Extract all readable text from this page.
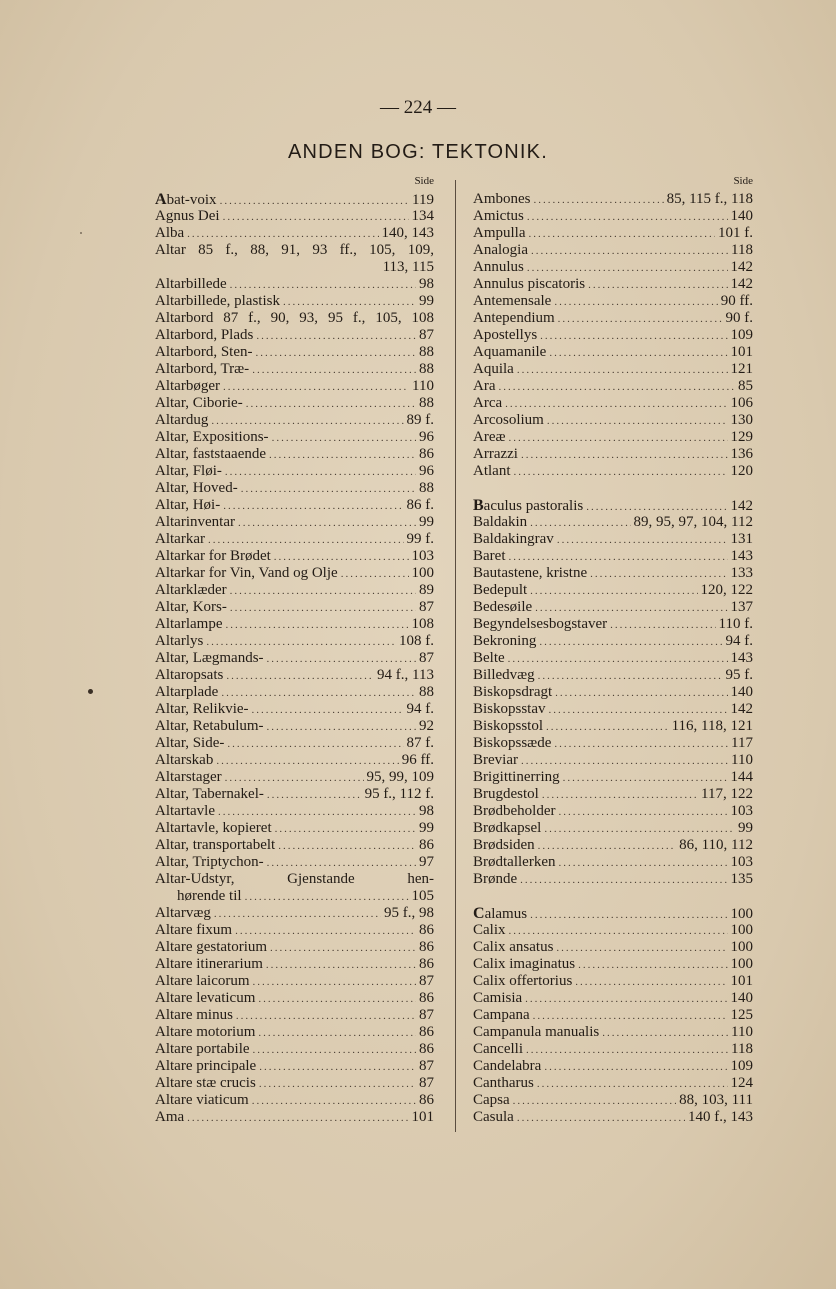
— 224 —
ANDEN BOG: TEKTONIK.
Side
Abat-voix .....	119
Agnus Dei .....	134
Alba .....	140, 143
Altar 85 f., 88, 91, 93 ff., 105, 109,
113, 115
Altarbillede .....	98
Altarbillede, plastisk .....	99
Altarbord 87 f., 90, 93, 95 f., 105, 108
Altarbord, Plads .....	87
Altarbord, Sten- .....	88
Altarbord, Træ- .....	88
Altarbøger .....	110
Altar, Ciborie- .....	88
Altardug .....	89 f.
Altar, Expositions- .....	96
Altar, faststaaende .....	86
Altar, Fløi- .....	96
Altar, Hoved- .....	88
Altar, Høi- .....	86 f.
Altarinventar .....	99
Altarkar .....	99 f.
Altarkar for Brødet .....	103
Altarkar for Vin, Vand og Olje .....	100
Altarklæder .....	89
Altar, Kors- .....	87
Altarlampe .....	108
Altarlys .....	108 f.
Altar, Lægmands- .....	87
Altaropsats .....	94 f., 113
Altarplade .....	88
Altar, Relikvie- .....	94 f.
Altar, Retabulum- .....	92
Altar, Side- .....	87 f.
Altarskab .....	96 ff.
Altarstager .....	95, 99, 109
Altar, Tabernakel- .....	95 f., 112 f.
Altartavle .....	98
Altartavle, kopieret .....	99
Altar, transportabelt .....	86
Altar, Triptychon- .....	97
Altar-Udstyr, Gjenstande hen-
hørende til .....	105
Altarvæg .....	95 f., 98
Altare fixum .....	86
Altare gestatorium .....	86
Altare itinerarium .....	86
Altare laicorum .....	87
Altare levaticum .....	86
Altare minus .....	87
Altare motorium .....	86
Altare portabile .....	86
Altare principale .....	87
Altare stæ crucis .....	87
Altare viaticum .....	86
Ama .....	101
Side
Ambones .....	85, 115 f., 118
Amictus .....	140
Ampulla .....	101 f.
Analogia .....	118
Annulus .....	142
Annulus piscatoris .....	142
Antemensale .....	90 ff.
Antependium .....	90 f.
Apostellys .....	109
Aquamanile .....	101
Aquila .....	121
Ara .....	85
Arca .....	106
Arcosolium .....	130
Areæ .....	129
Arrazzi .....	136
Atlant .....	120
Baculus pastoralis .....	142
Baldakin .....	89, 95, 97, 104, 112
Baldakingrav .....	131
Baret .....	143
Bautastene, kristne .....	133
Bedepult .....	120, 122
Bedesøile .....	137
Begyndelsesbogstaver .....	110 f.
Bekroning .....	94 f.
Belte .....	143
Billedvæg .....	95 f.
Biskopsdragt .....	140
Biskopsstav .....	142
Biskopsstol .....	116, 118, 121
Biskopssæde .....	117
Breviar .....	110
Brigittinerring .....	144
Brugdestol .....	117, 122
Brødbeholder .....	103
Brødkapsel .....	99
Brødsiden .....	86, 110, 112
Brødtallerken .....	103
Brønde .....	135
Calamus .....	100
Calix .....	100
Calix ansatus .....	100
Calix imaginatus .....	100
Calix offertorius .....	101
Camisia .....	140
Campana .....	125
Campanula manualis .....	110
Cancelli .....	118
Candelabra .....	109
Cantharus .....	124
Capsa .....	88, 103, 111
Casula .....	140 f., 143
